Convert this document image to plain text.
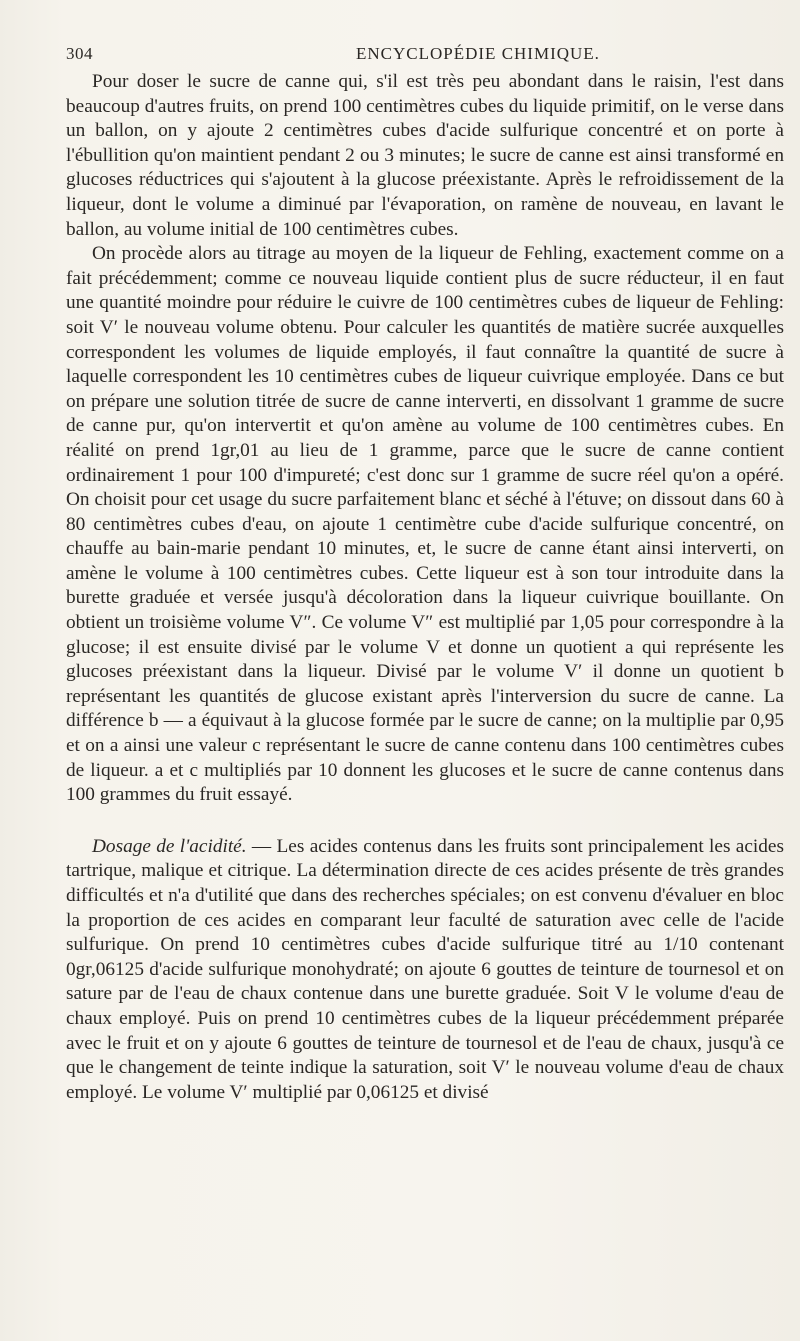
304	ENCYCLOPÉDIE CHIMIQUE.

Pour doser le sucre de canne qui, s'il est très peu abondant dans le raisin, l'est dans beaucoup d'autres fruits, on prend 100 centimètres cubes du liquide primitif, on le verse dans un ballon, on y ajoute 2 centimètres cubes d'acide sulfurique concentré et on porte à l'ébullition qu'on maintient pendant 2 ou 3 minutes; le sucre de canne est ainsi transformé en glucoses réductrices qui s'ajoutent à la glucose préexistante. Après le refroidissement de la liqueur, dont le volume a diminué par l'évaporation, on ramène de nouveau, en lavant le ballon, au volume initial de 100 centimètres cubes.

On procède alors au titrage au moyen de la liqueur de Fehling, exactement comme on a fait précédemment; comme ce nouveau liquide contient plus de sucre réducteur, il en faut une quantité moindre pour réduire le cuivre de 100 centimètres cubes de liqueur de Fehling: soit V′ le nouveau volume obtenu. Pour calculer les quantités de matière sucrée auxquelles correspondent les volumes de liquide employés, il faut connaître la quantité de sucre à laquelle correspondent les 10 centimètres cubes de liqueur cuivrique employée. Dans ce but on prépare une solution titrée de sucre de canne interverti, en dissolvant 1 gramme de sucre de canne pur, qu'on intervertit et qu'on amène au volume de 100 centimètres cubes. En réalité on prend 1gr,01 au lieu de 1 gramme, parce que le sucre de canne contient ordinairement 1 pour 100 d'impureté; c'est donc sur 1 gramme de sucre réel qu'on a opéré. On choisit pour cet usage du sucre parfaitement blanc et séché à l'étuve; on dissout dans 60 à 80 centimètres cubes d'eau, on ajoute 1 centimètre cube d'acide sulfurique concentré, on chauffe au bain-marie pendant 10 minutes, et, le sucre de canne étant ainsi interverti, on amène le volume à 100 centimètres cubes. Cette liqueur est à son tour introduite dans la burette graduée et versée jusqu'à décoloration dans la liqueur cuivrique bouillante. On obtient un troisième volume V″. Ce volume V″ est multiplié par 1,05 pour correspondre à la glucose; il est ensuite divisé par le volume V et donne un quotient a qui représente les glucoses préexistant dans la liqueur. Divisé par le volume V′ il donne un quotient b représentant les quantités de glucose existant après l'interversion du sucre de canne. La différence b — a équivaut à la glucose formée par le sucre de canne; on la multiplie par 0,95 et on a ainsi une valeur c représentant le sucre de canne contenu dans 100 centimètres cubes de liqueur. a et c multipliés par 10 donnent les glucoses et le sucre de canne contenus dans 100 grammes du fruit essayé.

Dosage de l'acidité. — Les acides contenus dans les fruits sont principalement les acides tartrique, malique et citrique. La détermination directe de ces acides présente de très grandes difficultés et n'a d'utilité que dans des recherches spéciales; on est convenu d'évaluer en bloc la proportion de ces acides en comparant leur faculté de saturation avec celle de l'acide sulfurique. On prend 10 centimètres cubes d'acide sulfurique titré au 1/10 contenant 0gr,06125 d'acide sulfurique monohydraté; on ajoute 6 gouttes de teinture de tournesol et on sature par de l'eau de chaux contenue dans une burette graduée. Soit V le volume d'eau de chaux employé. Puis on prend 10 centimètres cubes de la liqueur précédemment préparée avec le fruit et on y ajoute 6 gouttes de teinture de tournesol et de l'eau de chaux, jusqu'à ce que le changement de teinte indique la saturation, soit V′ le nouveau volume d'eau de chaux employé. Le volume V′ multiplié par 0,06125 et divisé
